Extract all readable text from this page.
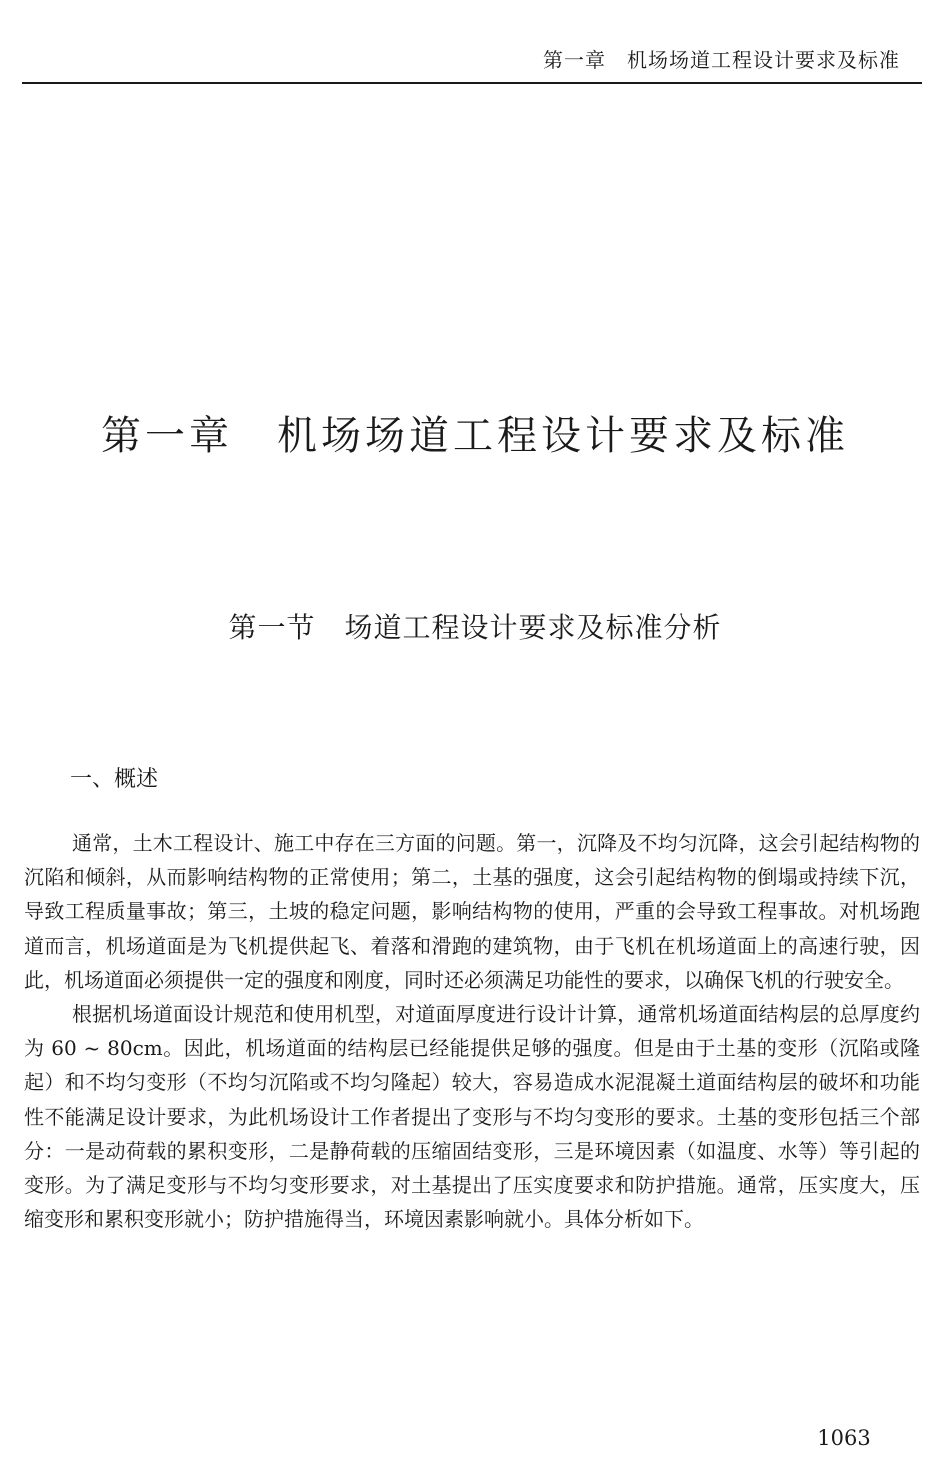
第一章　机场场道工程设计要求及标准
第一章　机场场道工程设计要求及标准
第一节　场道工程设计要求及标准分析
一、概述

通常，土木工程设计、施工中存在三方面的问题。第一，沉降及不均匀沉降，这会引起结构物的沉陷和倾斜，从而影响结构物的正常使用；第二，土基的强度，这会引起结构物的倒塌或持续下沉，导致工程质量事故；第三，土坡的稳定问题，影响结构物的使用，严重的会导致工程事故。对机场跑道而言，机场道面是为飞机提供起飞、着落和滑跑的建筑物，由于飞机在机场道面上的高速行驶，因此，机场道面必须提供一定的强度和刚度，同时还必须满足功能性的要求，以确保飞机的行驶安全。

根据机场道面设计规范和使用机型，对道面厚度进行设计计算，通常机场道面结构层的总厚度约为 60 ~ 80cm。因此，机场道面的结构层已经能提供足够的强度。但是由于土基的变形（沉陷或隆起）和不均匀变形（不均匀沉陷或不均匀隆起）较大，容易造成水泥混凝土道面结构层的破坏和功能性不能满足设计要求，为此机场设计工作者提出了变形与不均匀变形的要求。土基的变形包括三个部分：一是动荷载的累积变形，二是静荷载的压缩固结变形，三是环境因素（如温度、水等）等引起的变形。为了满足变形与不均匀变形要求，对土基提出了压实度要求和防护措施。通常，压实度大，压缩变形和累积变形就小；防护措施得当，环境因素影响就小。具体分析如下。

1063
